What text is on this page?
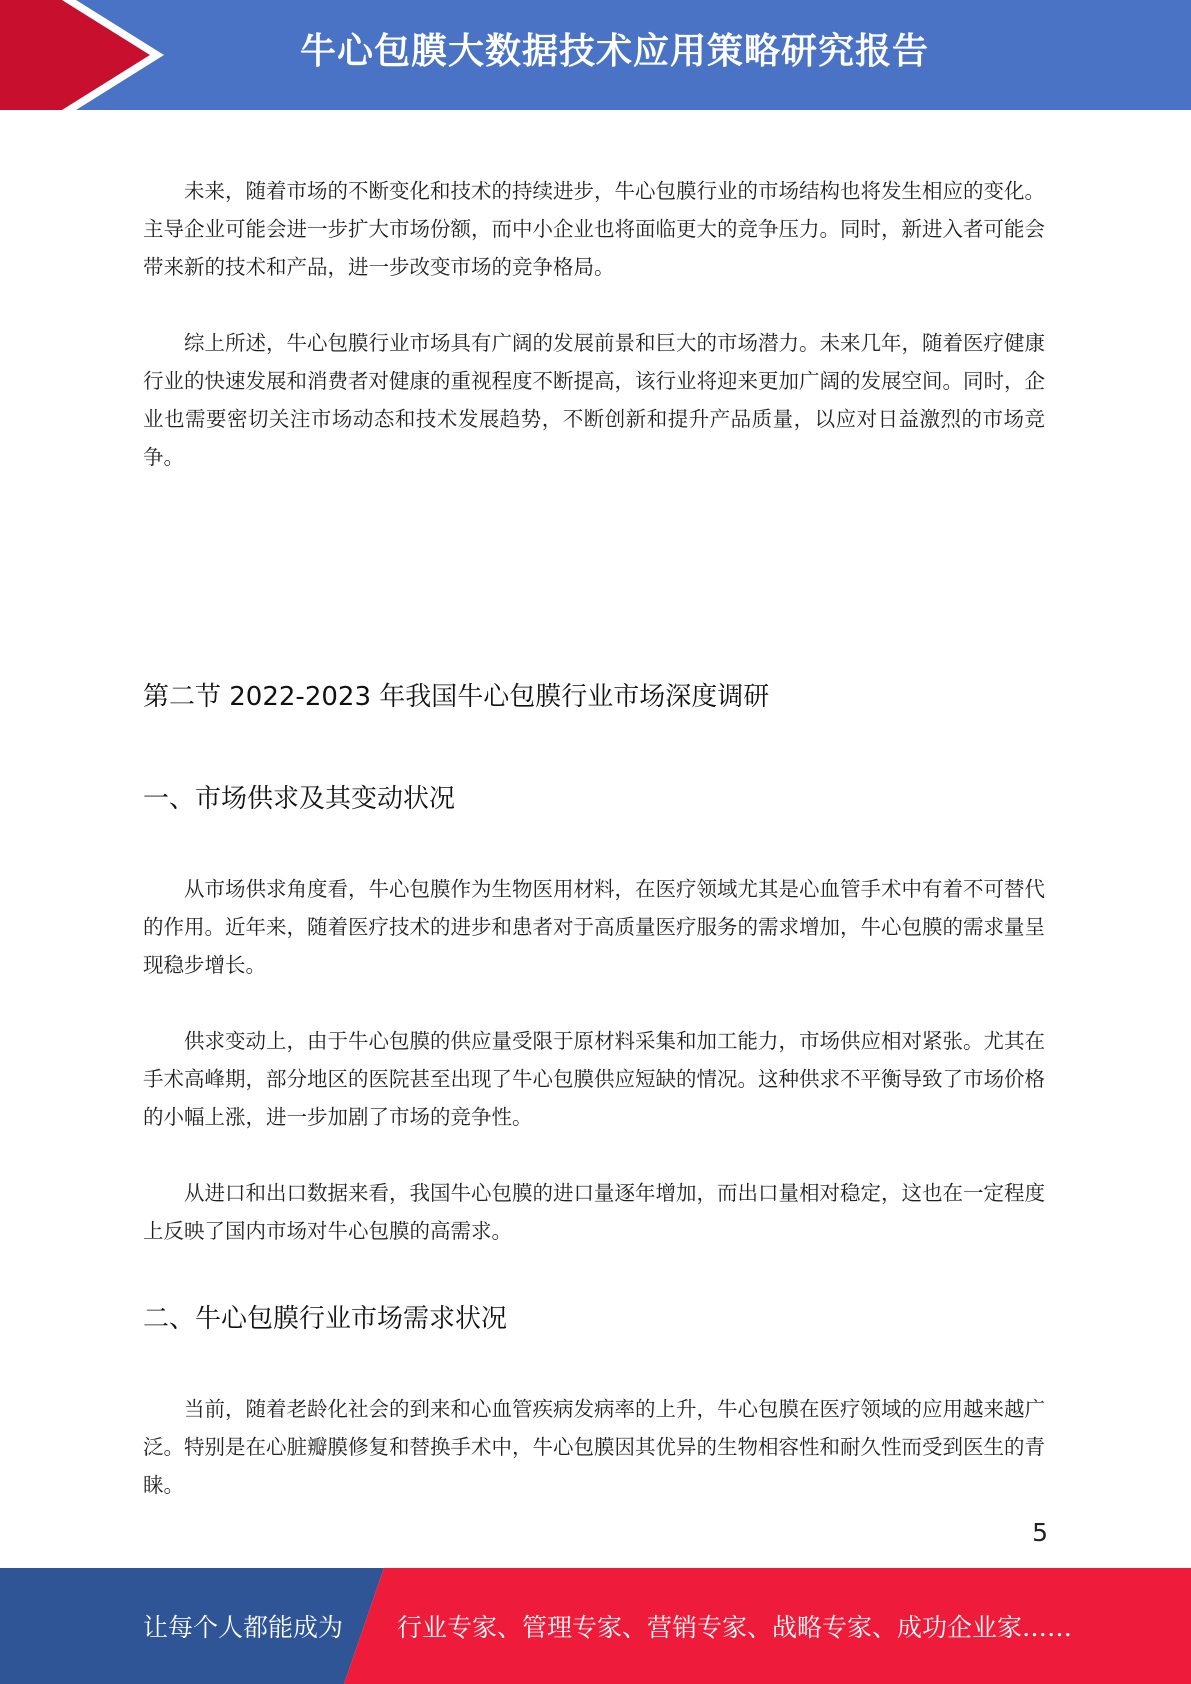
牛心包膜大数据技术应用策略研究报告

未来，随着市场的不断变化和技术的持续进步，牛心包膜行业的市场结构也将发生相应的变化。主导企业可能会进一步扩大市场份额，而中小企业也将面临更大的竞争压力。同时，新进入者可能会带来新的技术和产品，进一步改变市场的竞争格局。

综上所述，牛心包膜行业市场具有广阔的发展前景和巨大的市场潜力。未来几年，随着医疗健康行业的快速发展和消费者对健康的重视程度不断提高，该行业将迎来更加广阔的发展空间。同时，企业也需要密切关注市场动态和技术发展趋势，不断创新和提升产品质量，以应对日益激烈的市场竞争。

第二节 2022-2023 年我国牛心包膜行业市场深度调研
一、市场供求及其变动状况

从市场供求角度看，牛心包膜作为生物医用材料，在医疗领域尤其是心血管手术中有着不可替代的作用。近年来，随着医疗技术的进步和患者对于高质量医疗服务的需求增加，牛心包膜的需求量呈现稳步增长。

供求变动上，由于牛心包膜的供应量受限于原材料采集和加工能力，市场供应相对紧张。尤其在手术高峰期，部分地区的医院甚至出现了牛心包膜供应短缺的情况。这种供求不平衡导致了市场价格的小幅上涨，进一步加剧了市场的竞争性。

从进口和出口数据来看，我国牛心包膜的进口量逐年增加，而出口量相对稳定，这也在一定程度上反映了国内市场对牛心包膜的高需求。

二、牛心包膜行业市场需求状况

当前，随着老龄化社会的到来和心血管疾病发病率的上升，牛心包膜在医疗领域的应用越来越广泛。特别是在心脏瓣膜修复和替换手术中，牛心包膜因其优异的生物相容性和耐久性而受到医生的青睐。

5
让每个人都能成为 行业专家、管理专家、营销专家、战略专家、成功企业家……
